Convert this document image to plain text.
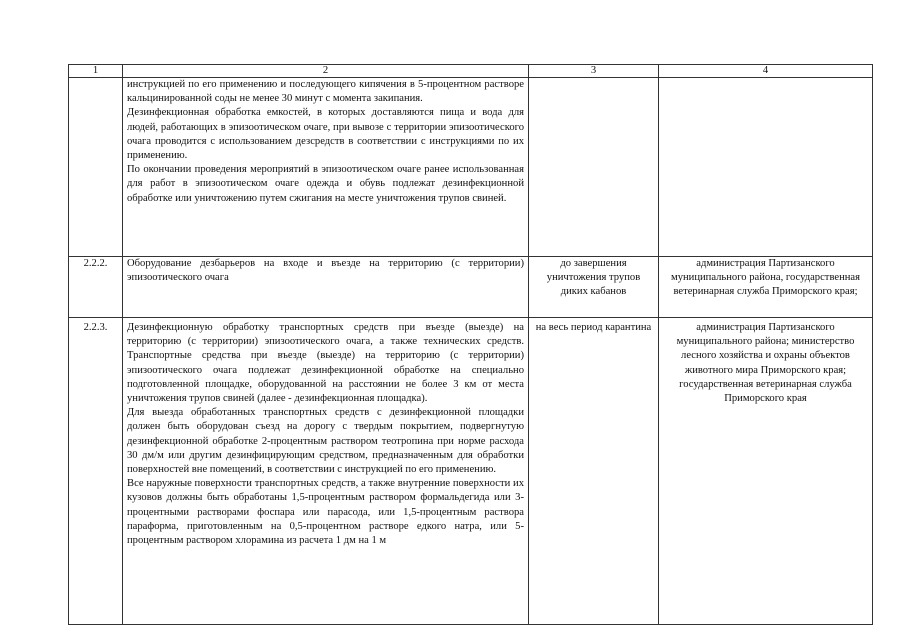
1	2	3	4

	инструкцией по его применению и последующего кипячения в 5-процентном растворе кальцинированной соды не менее 30 минут с момента закипания.

Дезинфекционная обработка емкостей, в которых доставляются пища и вода для людей, работающих в эпизоотическом очаге, при вывозе с территории эпизоотического очага проводится с использованием дезсредств в соответствии с инструкциями по их применению.

По окончании проведения мероприятий в эпизоотическом очаге ранее использованная для работ в эпизоотическом очаге одежда и обувь подлежат дезинфекционной обработке или уничтожению путем сжигания на месте уничтожения трупов свиней.		

2.2.2.	Оборудование дезбарьеров на входе и въезде на территорию (с территории) эпизоотического очага	до завершения уничтожения трупов диких кабанов	администрация Партизанского муниципального района, государственная ветеринарная служба Приморского края;
2.2.3.	Дезинфекционную обработку транспортных средств при въезде (выезде) на территорию (с территории) эпизоотического очага, а также технических средств. Транспортные средства при въезде (выезде) на территорию (с территории) эпизоотического очага подлежат дезинфекционной обработке на специально подготовленной площадке, оборудованной на расстоянии не более 3 км от места уничтожения трупов свиней (далее - дезинфекционная площадка).

Для выезда обработанных транспортных средств с дезинфекционной площадки должен быть оборудован съезд на дорогу с твердым покрытием, подвергнутую дезинфекционной обработке 2-процентным раствором теотропина при норме расхода 30 дм/м или другим дезинфицирующим средством, предназначенным для обработки поверхностей вне помещений, в соответствии с инструкцией по его применению.

Все наружные поверхности транспортных средств, а также внутренние поверхности их кузовов должны быть обработаны 1,5-процентным раствором формальдегида или 3-процентными растворами фоспара или парасода, или 1,5-процентным раствора параформа, приготовленным на 0,5-процентном растворе едкого натра, или 5-процентным раствором хлорамина из расчета 1 дм на 1 м	на весь период карантина	администрация Партизанского муниципального района; министерство лесного хозяйства и охраны объектов животного мира Приморского края; государственная ветеринарная служба Приморского края
